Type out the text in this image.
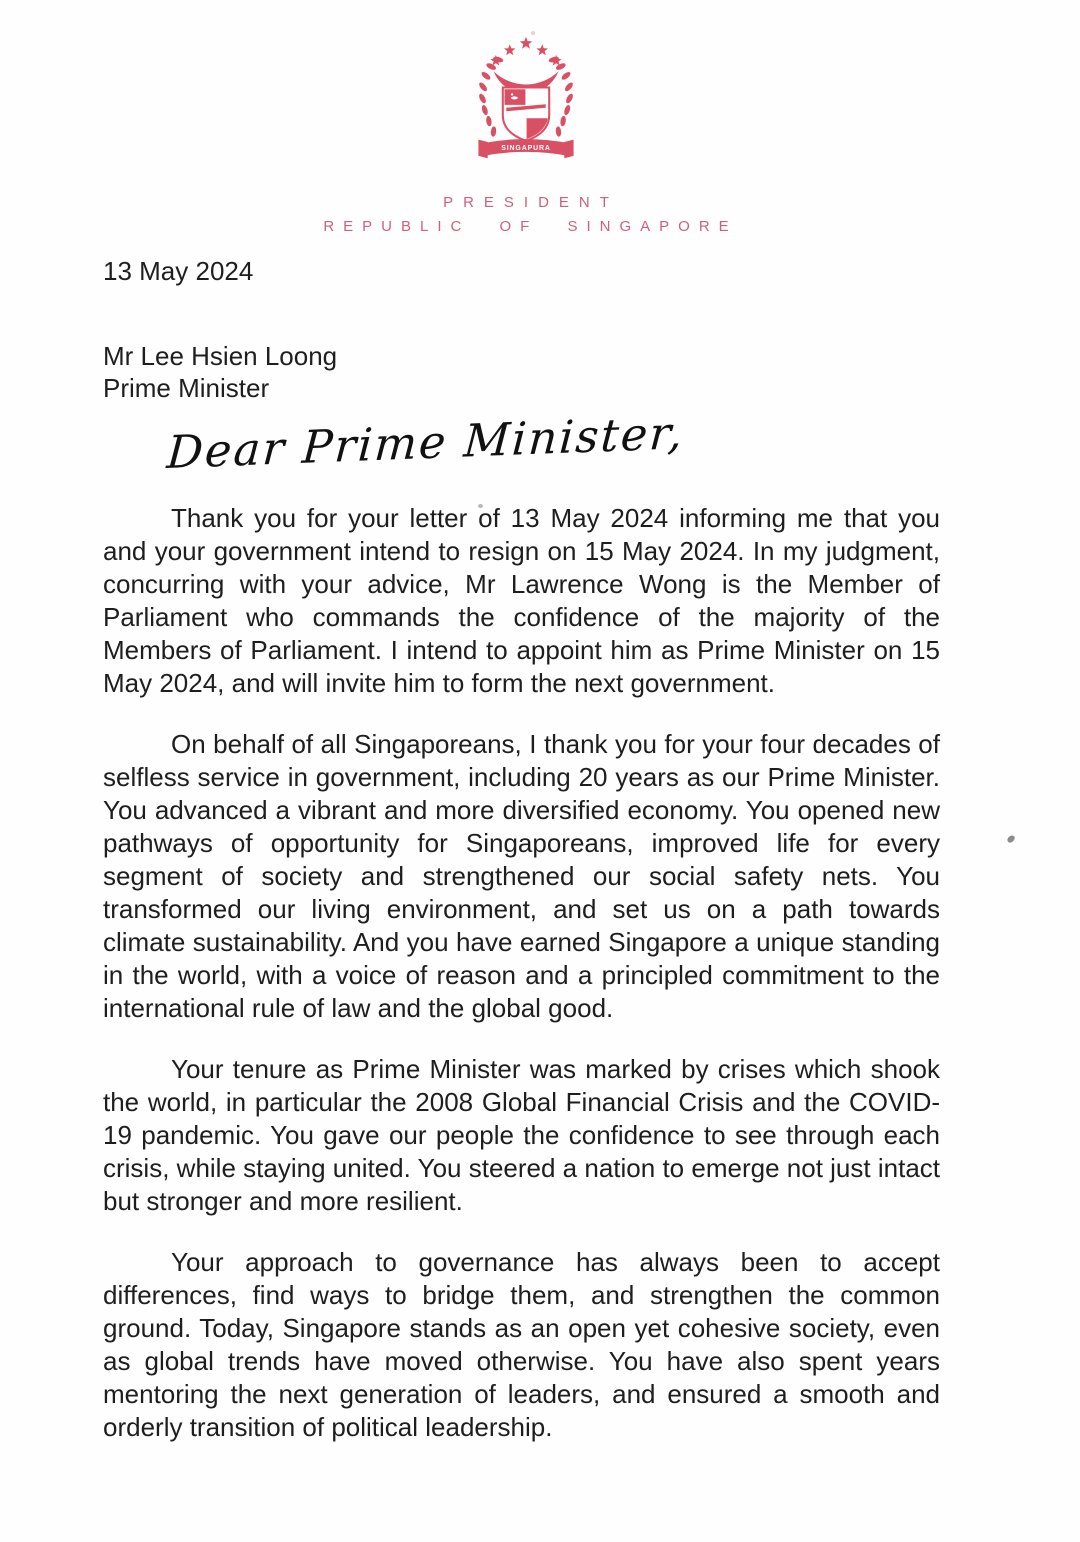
SINGAPURA
PRESIDENT
REPUBLIC OF SINGAPORE
13 May 2024
Mr Lee Hsien Loong
Prime Minister
Dear Prime Minister,

Thank you for your letter of 13 May 2024 informing me that you and your government intend to resign on 15 May 2024. In my judgment, concurring with your advice, Mr Lawrence Wong is the Member of Parliament who commands the confidence of the majority of the Members of Parliament. I intend to appoint him as Prime Minister on 15 May 2024, and will invite him to form the next government.

On behalf of all Singaporeans, I thank you for your four decades of selfless service in government, including 20 years as our Prime Minister. You advanced a vibrant and more diversified economy. You opened new pathways of opportunity for Singaporeans, improved life for every segment of society and strengthened our social safety nets. You transformed our living environment, and set us on a path towards climate sustainability. And you have earned Singapore a unique standing in the world, with a voice of reason and a principled commitment to the international rule of law and the global good.

Your tenure as Prime Minister was marked by crises which shook the world, in particular the 2008 Global Financial Crisis and the COVID-19 pandemic. You gave our people the confidence to see through each crisis, while staying united. You steered a nation to emerge not just intact but stronger and more resilient.

Your approach to governance has always been to accept differences, find ways to bridge them, and strengthen the common ground. Today, Singapore stands as an open yet cohesive society, even as global trends have moved otherwise. You have also spent years mentoring the next generation of leaders, and ensured a smooth and orderly transition of political leadership.
